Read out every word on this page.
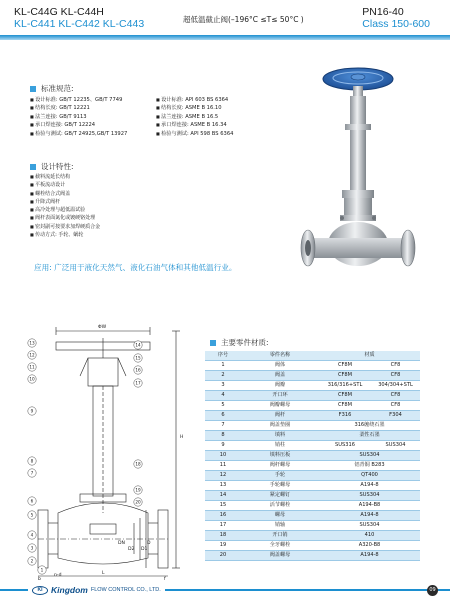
KL-C44G KL-C44H
KL-C441 KL-C442 KL-C443	超低温截止阀(–196°C ≤T≤ 50°C )
PN16-40
Class 150-600
标准规范:
■ 设计标准: GB/T 12235、GB/T 7749
■ 结构长度: GB/T 12221
■ 法兰连接: GB/T 9113
■ 承口焊连接: GB/T 12224
■ 检验与测试: GB/T 24925,GB/T 13927
■ 设计标准: API 603 BS 6364
■ 结构长度: ASME B 16.10
■ 法兰连接: ASME B 16.5
■ 承口焊连接: ASME B 16.34
■ 检验与测试: API 598 BS 6364
设计特性:
■ 截料流延长结构
■ 平板流动设计
■ 螺栓结合式阀盖
■ 升降式阀杆
■ 高冷处理与超低温试验
■ 阀杆表面氮化或镀硬铬处理
■ 密封副可按要求加焊硬质合金
■ 传动方式: 手轮、蜗轮
应用: 广泛用于液化天然气、液化石油气体和其他低温行业。
13
12
11
10
9
8
7
6
5
4
3
2
1
14
15
16
17
18
19
20
ΦW
H
L
D
D1
D2
DN
n-d
b	f
主要零件材质:
序号	零件名称	材质	
1	阀体	CF8M	CF8
2	阀盖	CF8M	CF8
3	阀瓣	316/316+STL	304/304+STL
4	开口环	CF8M	CF8
5	阀瓣螺母	CF8M	CF8
6	阀杆	F316	F304
7	阀盖垫圈	316缠绕石墨	
8	填料	柔性石墨	
9	销柱	SUS316	SUS304
10	填料压板	SUS304	
11	阀杆螺母	铝青铜 B283	
12	手轮	QT400	
13	手轮螺母	A194-8	
14	紧定螺钉	SUS304	
15	活节螺栓	A194-B8	
16	螺母	A194-8	
17	销轴	SUS304	
18	开口销	410	
19	全牙螺栓	A320-B8	
20	阀盖螺母	A194-8	
KI	Kingdom FLOW CONTROL CO., LTD.	09
